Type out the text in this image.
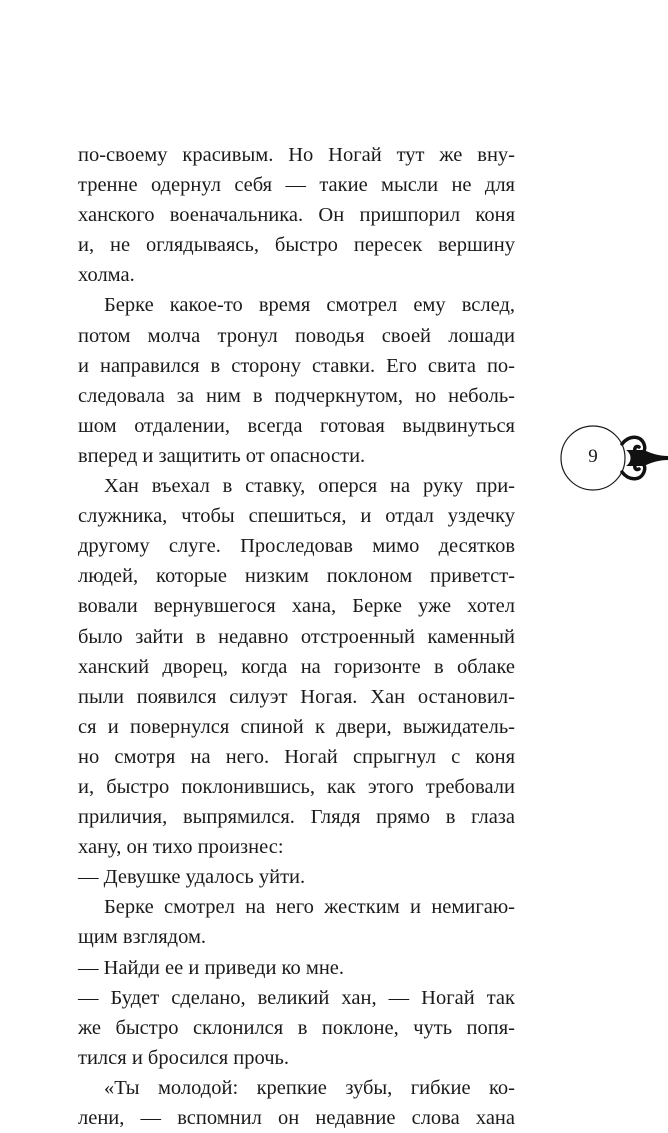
по-своему красивым. Но Ногай тут же вну-
тренне одернул себя — такие мысли не для
ханского военачальника. Он пришпорил коня
и, не оглядываясь, быстро пересек вершину
холма.
Берке какое-то время смотрел ему вслед,
потом молча тронул поводья своей лошади
и направился в сторону ставки. Его свита по-
следовала за ним в подчеркнутом, но неболь-
шом отдалении, всегда готовая выдвинуться
вперед и защитить от опасности.
Хан въехал в ставку, оперся на руку при-
служника, чтобы спешиться, и отдал уздечку
другому слуге. Проследовав мимо десятков
людей, которые низким поклоном приветст-
вовали вернувшегося хана, Берке уже хотел
было зайти в недавно отстроенный каменный
ханский дворец, когда на горизонте в облаке
пыли появился силуэт Ногая. Хан остановил-
ся и повернулся спиной к двери, выжидатель-
но смотря на него. Ногай спрыгнул с коня
и, быстро поклонившись, как этого требовали
приличия, выпрямился. Глядя прямо в глаза
хану, он тихо произнес:
— Девушке удалось уйти.
Берке смотрел на него жестким и немигаю-
щим взглядом.
— Найди ее и приведи ко мне.
— Будет сделано, великий хан, — Ногай так
же быстро склонился в поклоне, чуть попя-
тился и бросился прочь.
«Ты молодой: крепкие зубы, гибкие ко-
лени, — вспомнил он недавние слова хана
9
